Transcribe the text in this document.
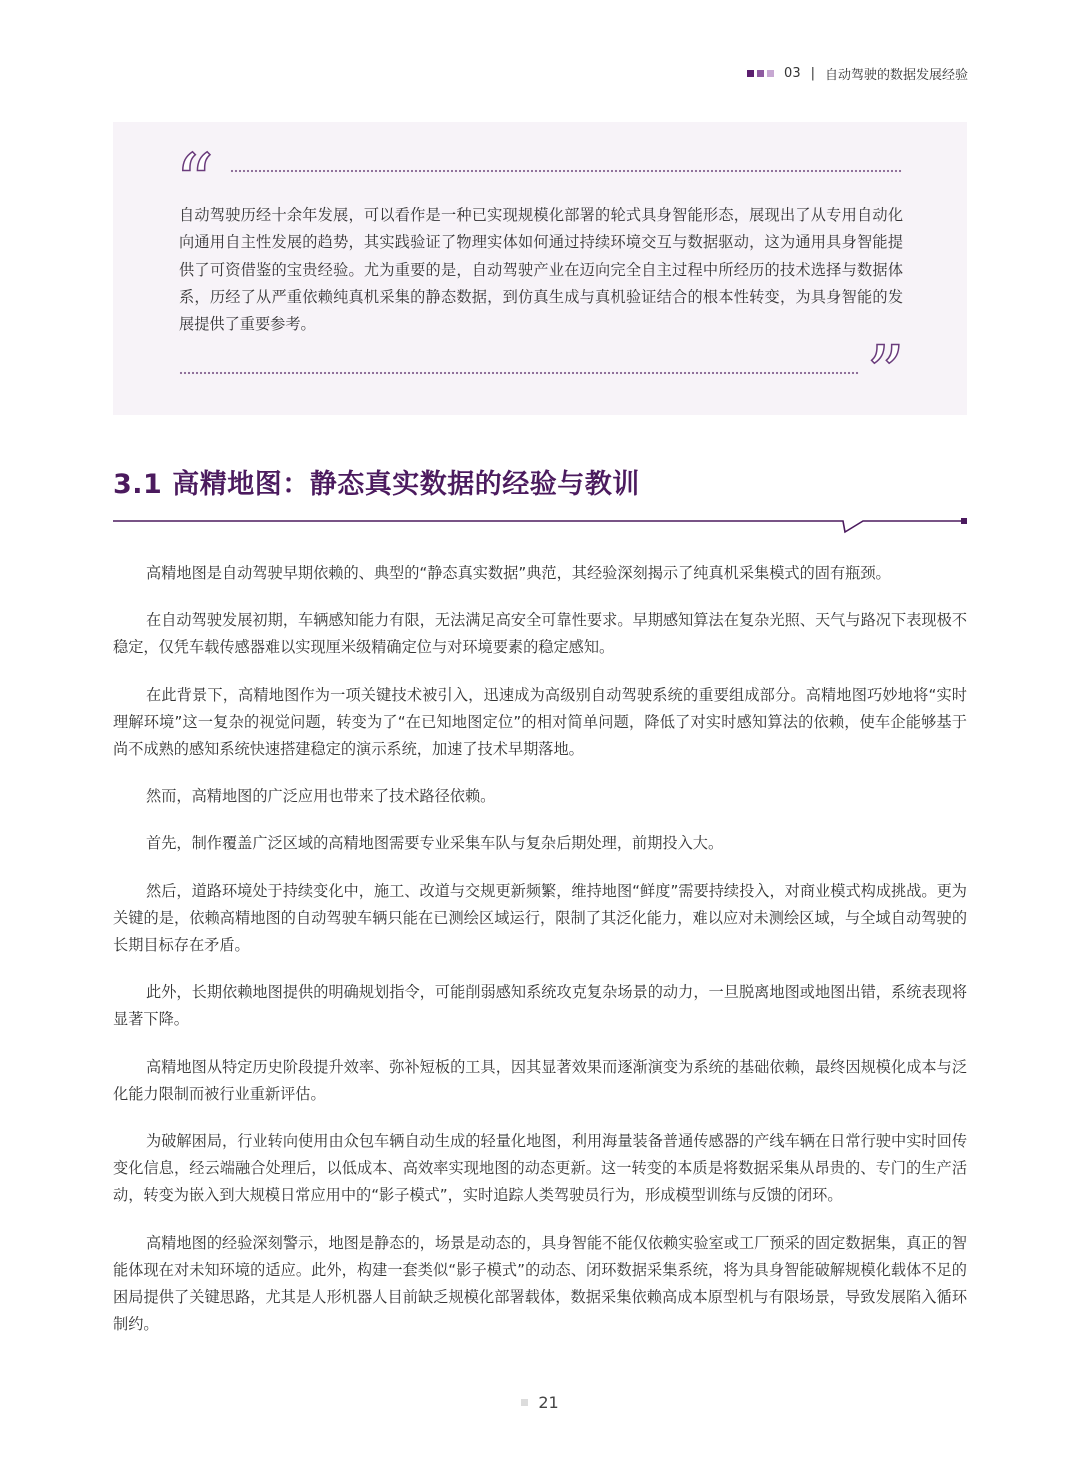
03 | 自动驾驶的数据发展经验
“
自动驾驶历经十余年发展，可以看作是一种已实现规模化部署的轮式具身智能形态，展现出了从专用自动化向通用自主性发展的趋势，其实践验证了物理实体如何通过持续环境交互与数据驱动，这为通用具身智能提供了可资借鉴的宝贵经验。尤为重要的是，自动驾驶产业在迈向完全自主过程中所经历的技术选择与数据体系，历经了从严重依赖纯真机采集的静态数据，到仿真生成与真机验证结合的根本性转变，为具身智能的发展提供了重要参考。
”
3.1 高精地图：静态真实数据的经验与教训

高精地图是自动驾驶早期依赖的、典型的“静态真实数据”典范，其经验深刻揭示了纯真机采集模式的固有瓶颈。

在自动驾驶发展初期，车辆感知能力有限，无法满足高安全可靠性要求。早期感知算法在复杂光照、天气与路况下表现极不稳定，仅凭车载传感器难以实现厘米级精确定位与对环境要素的稳定感知。

在此背景下，高精地图作为一项关键技术被引入，迅速成为高级别自动驾驶系统的重要组成部分。高精地图巧妙地将“实时理解环境”这一复杂的视觉问题，转变为了“在已知地图定位”的相对简单问题，降低了对实时感知算法的依赖，使车企能够基于尚不成熟的感知系统快速搭建稳定的演示系统，加速了技术早期落地。

然而，高精地图的广泛应用也带来了技术路径依赖。

首先，制作覆盖广泛区域的高精地图需要专业采集车队与复杂后期处理，前期投入大。

然后，道路环境处于持续变化中，施工、改道与交规更新频繁，维持地图“鲜度”需要持续投入，对商业模式构成挑战。更为关键的是，依赖高精地图的自动驾驶车辆只能在已测绘区域运行，限制了其泛化能力，难以应对未测绘区域，与全域自动驾驶的长期目标存在矛盾。

此外，长期依赖地图提供的明确规划指令，可能削弱感知系统攻克复杂场景的动力，一旦脱离地图或地图出错，系统表现将显著下降。

高精地图从特定历史阶段提升效率、弥补短板的工具，因其显著效果而逐渐演变为系统的基础依赖，最终因规模化成本与泛化能力限制而被行业重新评估。

为破解困局，行业转向使用由众包车辆自动生成的轻量化地图，利用海量装备普通传感器的产线车辆在日常行驶中实时回传变化信息，经云端融合处理后，以低成本、高效率实现地图的动态更新。这一转变的本质是将数据采集从昂贵的、专门的生产活动，转变为嵌入到大规模日常应用中的“影子模式”，实时追踪人类驾驶员行为，形成模型训练与反馈的闭环。

高精地图的经验深刻警示，地图是静态的，场景是动态的，具身智能不能仅依赖实验室或工厂预采的固定数据集，真正的智能体现在对未知环境的适应。此外，构建一套类似“影子模式”的动态、闭环数据采集系统，将为具身智能破解规模化载体不足的困局提供了关键思路，尤其是人形机器人目前缺乏规模化部署载体，数据采集依赖高成本原型机与有限场景，导致发展陷入循环制约。

21
